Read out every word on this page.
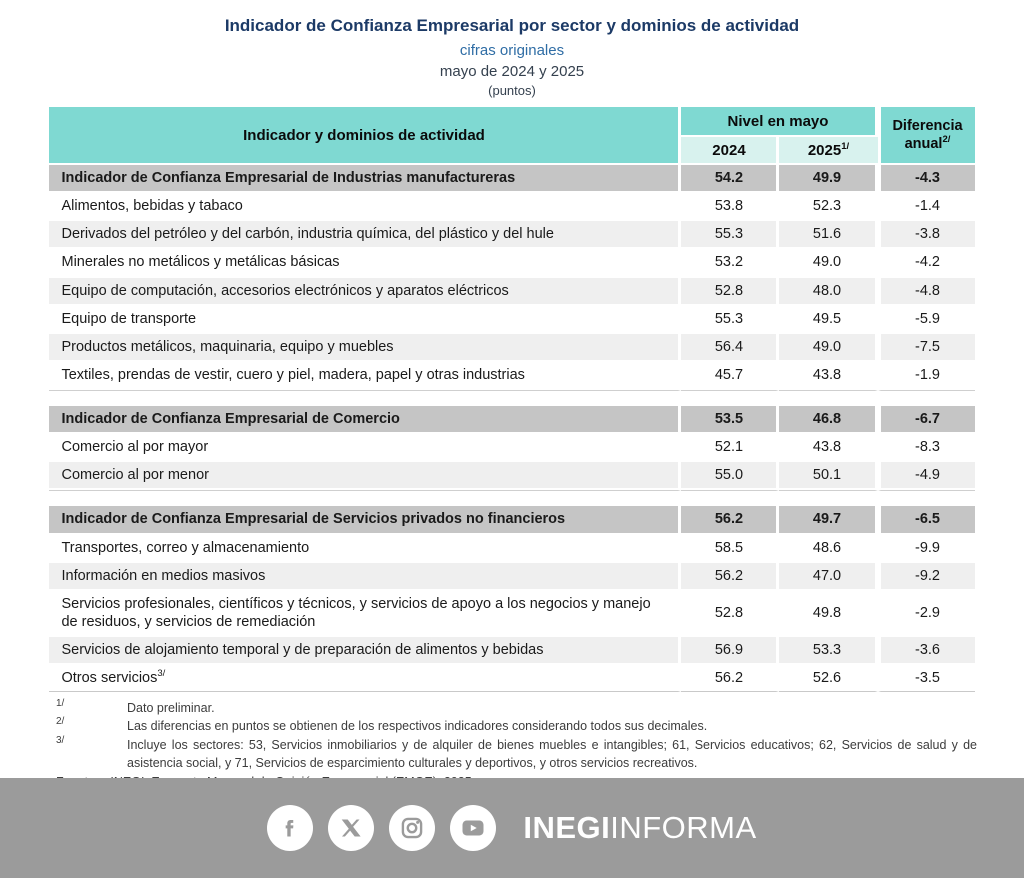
Indicador de Confianza Empresarial por sector y dominios de actividad
cifras originales
mayo de 2024 y 2025
(puntos)
Indicador y dominios de actividad	Nivel en mayo		Diferencia
anual$^{2/}$
	2024	$2025^{1/}$
Indicador de Confianza Empresarial de Industrias manufactureras	54.2	49.9	-4.3
Alimentos, bebidas y tabaco	53.8	52.3	-1.4
Derivados del petróleo y del carbón, industria química, del plástico y del hule	55.3	51.6	-3.8
Minerales no metálicos y metálicas básicas	53.2	49.0	-4.2
Equipo de computación, accesorios electrónicos y aparatos eléctricos	52.8	48.0	-4.8
Equipo de transporte	55.3	49.5	-5.9
Productos metálicos, maquinaria, equipo y muebles	56.4	49.0	-7.5
Textiles, prendas de vestir, cuero y piel, madera, papel y otras industrias	45.7	43.8	-1.9

Indicador de Confianza Empresarial de Comercio	53.5	46.8	-6.7
Comercio al por mayor	52.1	43.8	-8.3
Comercio al por menor	55.0	50.1	-4.9

Indicador de Confianza Empresarial de Servicios privados no financieros	56.2	49.7	-6.5
Transportes, correo y almacenamiento	58.5	48.6	-9.9
Información en medios masivos	56.2	47.0	-9.2
Servicios profesionales, científicos y técnicos, y servicios de apoyo a los negocios y manejo de residuos, y servicios de remediación	52.8	49.8	-2.9
Servicios de alojamiento temporal y de preparación de alimentos y bebidas	56.9	53.3	-3.6
Otros servicios$^{3/}$	56.2	52.6	-3.5
1/	Dato preliminar.
2/	Las diferencias en puntos se obtienen de los respectivos indicadores considerando todos sus decimales.
3/	Incluye los sectores: 53, Servicios inmobiliarios y de alquiler de bienes muebles e intangibles; 61, Servicios educativos; 62, Servicios de salud y de asistencia social, y 71, Servicios de esparcimiento culturales y deportivos, y otros servicios recreativos.
INEGIINFORMA
